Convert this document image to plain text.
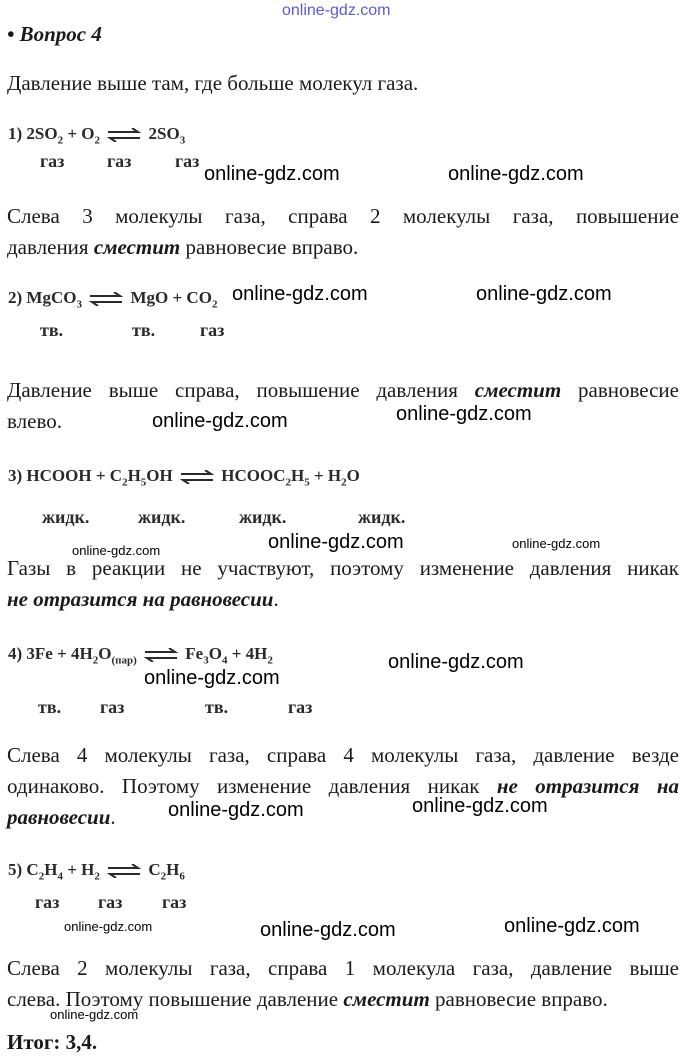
online-gdz.com
• Вопрос 4
Давление выше там, где больше молекул газа.
1) $2SO_2 + O_2$ ⇌ $2SO_3$
газ газ газ
online-gdz.com	online-gdz.com
Слева 3 молекулы газа, справа 2 молекулы газа, повышение
давления сместит равновесие вправо.
2) MgCO$_3$ ⇌ MgO + $CO_2$ online-gdz.com	online-gdz.com
тв.	тв. газ
Давление выше справа, повышение давления сместит равновесие
влево.	online-gdz.com
online-gdz.com
3) HCOOH + $C_2H_5OH$ ⇌ $HCOOC_2H_5 + H_2O$
жидк.	жидк.	жидк.	жидк.
online-gdz.com	online-gdz.com	online-gdz.com
Газы в реакции не участвуют, поэтому изменение давления никак
не отразится на равновесии.
4) $3Fe + 4H_2O_{(пар)}$ ⇌ $Fe_3O_4 + 4H_2$	online-gdz.com
online-gdz.com
тв. газ	тв.	газ
Слева 4 молекулы газа, справа 4 молекулы газа, давление везде
одинаково. Поэтому изменение давления никак не отразится на
равновесии.	online-gdz.com
online-gdz.com
5) $C_2H_4 + H_2$ ⇌ $C_2H_6$
газ газ газ
online-gdz.com	online-gdz.com	online-gdz.com
Слева 2 молекулы газа, справа 1 молекула газа, давление выше
слева. Поэтому повышение давление сместит равновесие вправо.
online-gdz.com
Итог: 3,4.
